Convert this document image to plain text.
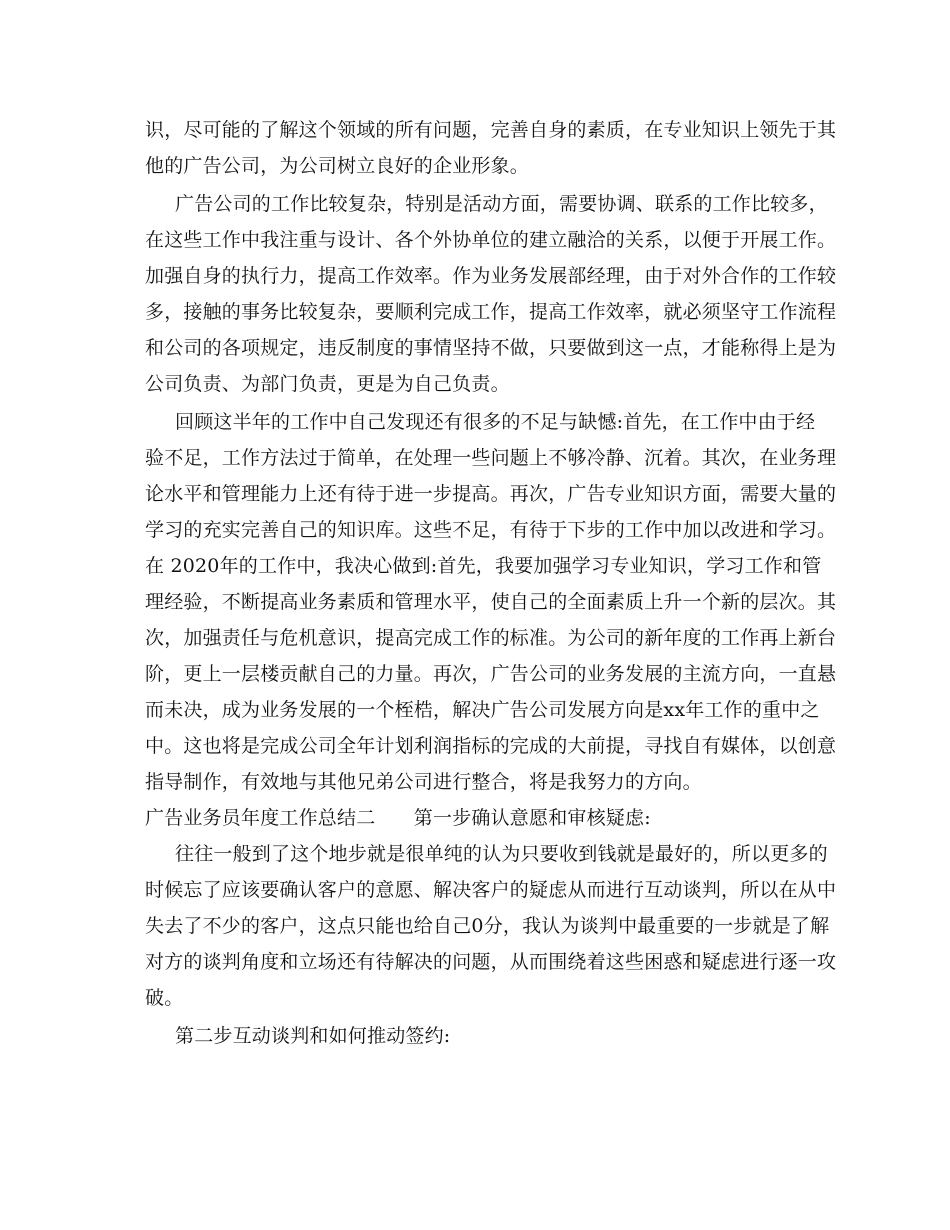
识，尽可能的了解这个领域的所有问题，完善自身的素质，在专业知识上领先于其
他的广告公司，为公司树立良好的企业形象。
广告公司的工作比较复杂，特别是活动方面，需要协调、联系的工作比较多，
在这些工作中我注重与设计、各个外协单位的建立融洽的关系，以便于开展工作。
加强自身的执行力，提高工作效率。作为业务发展部经理，由于对外合作的工作较
多，接触的事务比较复杂，要顺利完成工作，提高工作效率，就必须坚守工作流程
和公司的各项规定，违反制度的事情坚持不做，只要做到这一点，才能称得上是为
公司负责、为部门负责，更是为自己负责。
回顾这半年的工作中自己发现还有很多的不足与缺憾:首先，在工作中由于经
验不足，工作方法过于简单，在处理一些问题上不够冷静、沉着。其次，在业务理
论水平和管理能力上还有待于进一步提高。再次，广告专业知识方面，需要大量的
学习的充实完善自己的知识库。这些不足，有待于下步的工作中加以改进和学习。
在 2020年的工作中，我决心做到:首先，我要加强学习专业知识，学习工作和管
理经验，不断提高业务素质和管理水平，使自己的全面素质上升一个新的层次。其
次，加强责任与危机意识，提高完成工作的标准。为公司的新年度的工作再上新台
阶，更上一层楼贡献自己的力量。再次，广告公司的业务发展的主流方向，一直悬
而未决，成为业务发展的一个桎梏，解决广告公司发展方向是xx年工作的重中之
中。这也将是完成公司全年计划利润指标的完成的大前提，寻找自有媒体，以创意
指导制作，有效地与其他兄弟公司进行整合，将是我努力的方向。
广告业务员年度工作总结二　　第一步确认意愿和审核疑虑:
往往一般到了这个地步就是很单纯的认为只要收到钱就是最好的，所以更多的
时候忘了应该要确认客户的意愿、解决客户的疑虑从而进行互动谈判，所以在从中
失去了不少的客户，这点只能也给自己0分，我认为谈判中最重要的一步就是了解
对方的谈判角度和立场还有待解决的问题，从而围绕着这些困惑和疑虑进行逐一攻
破。
第二步互动谈判和如何推动签约:
